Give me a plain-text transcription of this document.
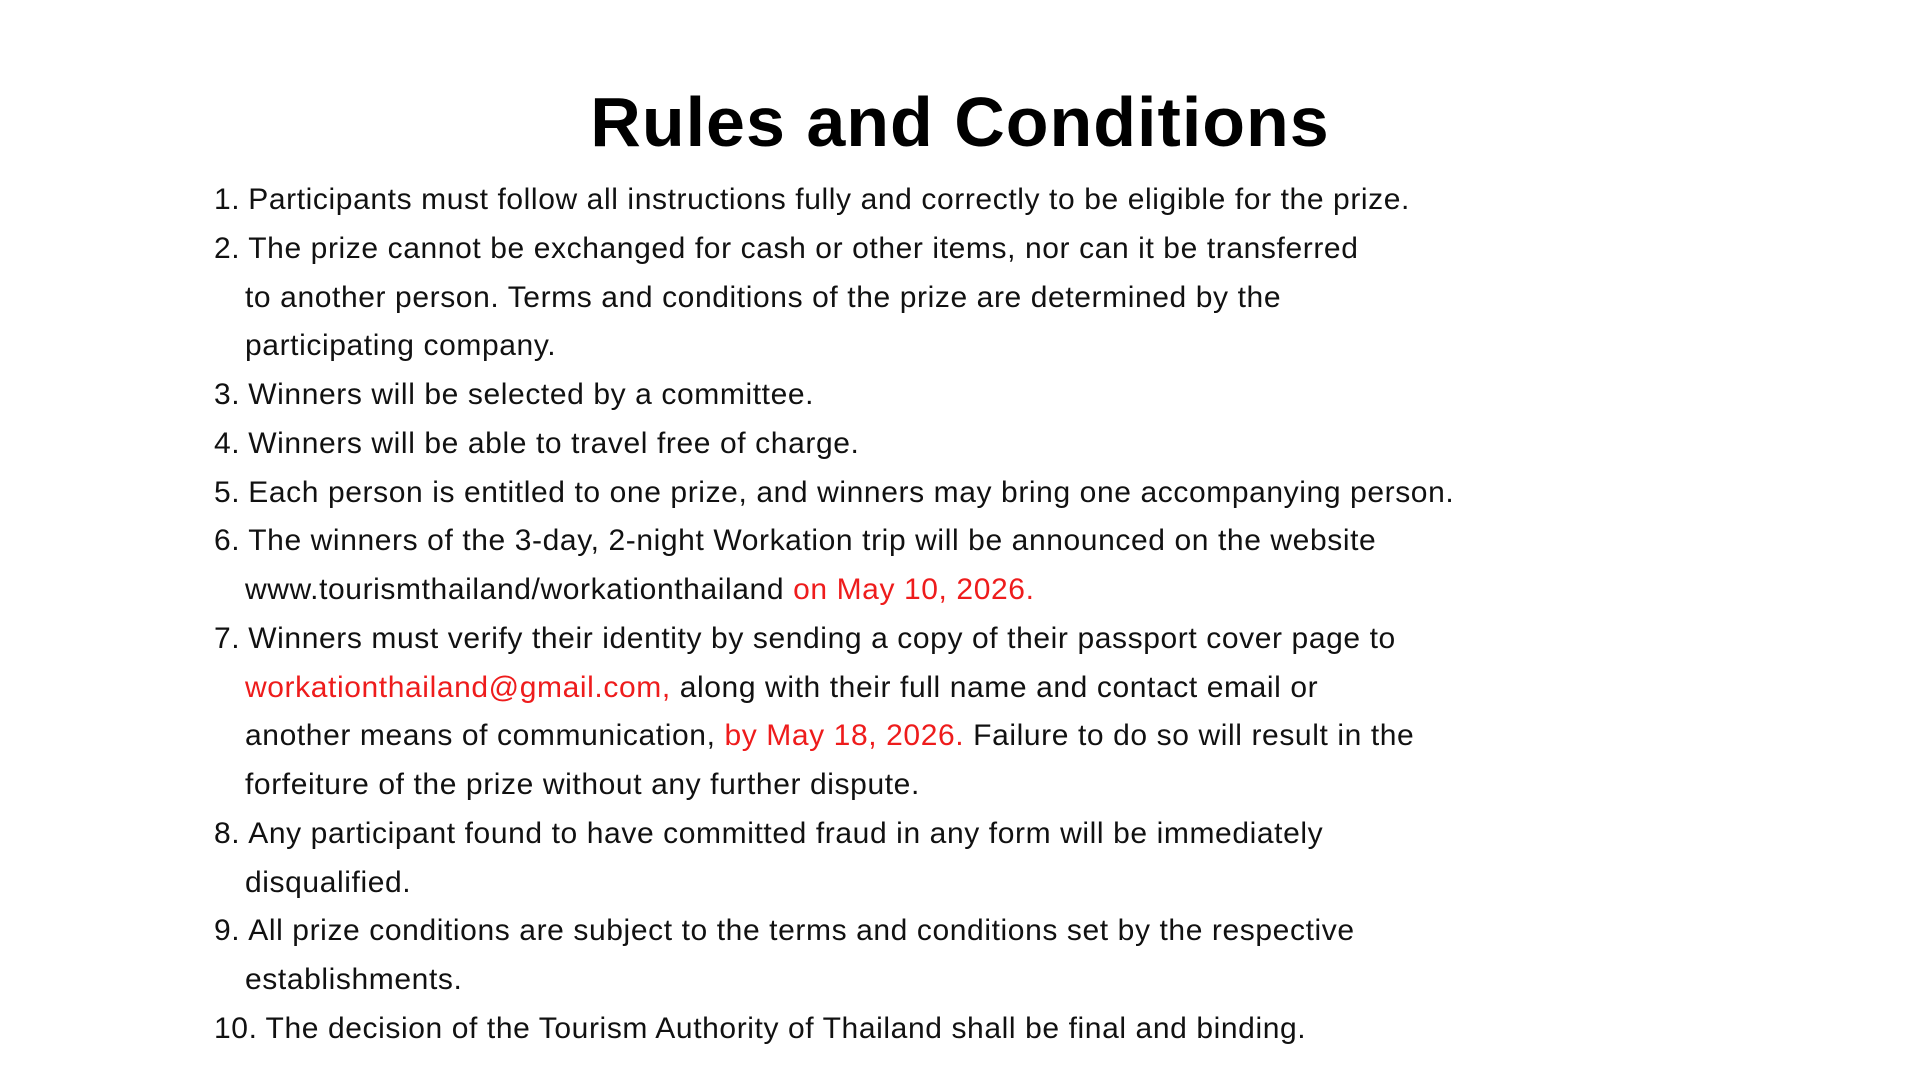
Rules and Conditions
1. Participants must follow all instructions fully and correctly to be eligible for the prize.
2. The prize cannot be exchanged for cash or other items, nor can it be transferred
to another person. Terms and conditions of the prize are determined by the
participating company.
3. Winners will be selected by a committee.
4. Winners will be able to travel free of charge.
5. Each person is entitled to one prize, and winners may bring one accompanying person.
6. The winners of the 3-day, 2-night Workation trip will be announced on the website
www.tourismthailand/workationthailand on May 10, 2026.
7. Winners must verify their identity by sending a copy of their passport cover page to
workationthailand@gmail.com, along with their full name and contact email or
another means of communication, by May 18, 2026. Failure to do so will result in the
forfeiture of the prize without any further dispute.
8. Any participant found to have committed fraud in any form will be immediately
disqualified.
9. All prize conditions are subject to the terms and conditions set by the respective
establishments.
10. The decision of the Tourism Authority of Thailand shall be final and binding.
